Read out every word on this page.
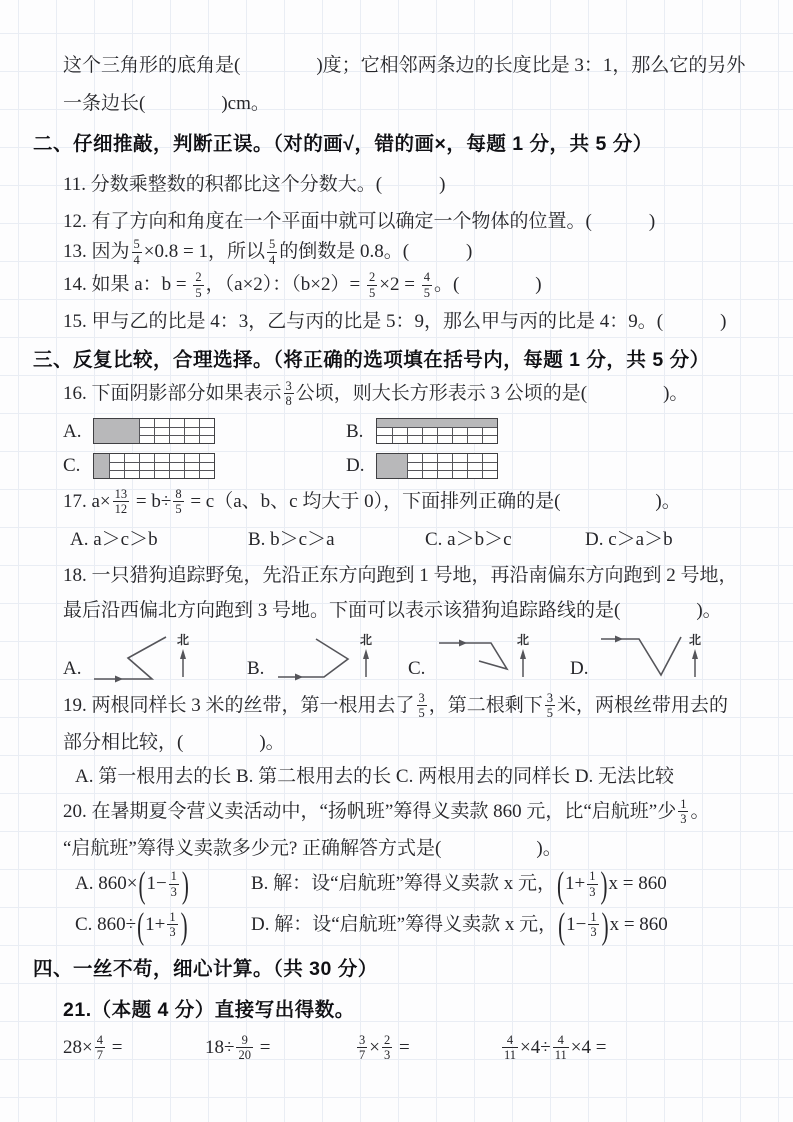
这个三角形的底角是(　　　　)度；它相邻两条边的长度比是 3：1，那么它的另外
一条边长(　　　　)cm。
二、仔细推敲，判断正误。（对的画√，错的画×，每题 1 分，共 5 分）
11. 分数乘整数的积都比这个分数大。(　　　)
12. 有了方向和角度在一个平面中就可以确定一个物体的位置。(　　　)
13. 因为 $\frac{5}{4} \times 0.8 = 1$，所以 $\frac{5}{4}$ 的倒数是 0.8。(　　　)
14. 如果 a：$b = \frac{2}{5}$ ，（a×2）：$(b\times 2)= \frac{2}{5} \times 2 = \frac{4}{5}$ 。(　　　　)
15. 甲与乙的比是 4：3，乙与丙的比是 5：9，那么甲与丙的比是 4：9。(　　　)
三、反复比较，合理选择。（将正确的选项填在括号内，每题 1 分，共 5 分）
16. 下面阴影部分如果表示 $\frac{3}{8}$ 公顷，则大长方形表示 3 公顷的是(　　　　)。
A.	B.
C.	D.
17. $a\times \frac{13}{12} = b\div \frac{8}{5} = c(a$、b、c 均大于 0），下面排列正确的是(　　　　　)。
A. a＞c＞b	B. b＞c＞a	C. a＞b＞c	D. c＞a＞b
18. 一只猎狗追踪野兔，先沿正东方向跑到 1 号地，再沿南偏东方向跑到 2 号地，
最后沿西偏北方向跑到 3 号地。下面可以表示该猎狗追踪路线的是(　　　　)。
A.
北
B.
北
C.
北
D.
北
19. 两根同样长 3 米的丝带，第一根用去了 $\frac{3}{5}$ ，第二根剩下 $\frac{3}{5}$ 米，两根丝带用去的
部分相比较，(　　　　)。
A. 第一根用去的长 B. 第二根用去的长 C. 两根用去的同样长 D. 无法比较
20. 在暑期夏令营义卖活动中，“扬帆班”筹得义卖款 860 元，比“启航班”少 $\frac{1}{3}$ 。
“启航班”筹得义卖款多少元? 正确解答方式是(　　　　　)。
A. $860\times(1- \frac{1}{3}$ )	B. 解：设“启航班”筹得义卖款 x 元，$(1+ \frac{1}{3} )x = 860$
C. $860\div(1+ \frac{1}{3}$ )	D. 解：设“启航班”筹得义卖款 x 元，$(1- \frac{1}{3} )x = 860$
四、一丝不苟，细心计算。（共 30 分）
21.（本题 4 分）直接写出得数。
$28\times \frac{4}{7}$ =	$18\div \frac{9}{20}$ =	$\frac{3}{7} \times \frac{2}{3}$ =	$\frac{4}{11} \times 4\div \frac{4}{11} \times 4$ =
